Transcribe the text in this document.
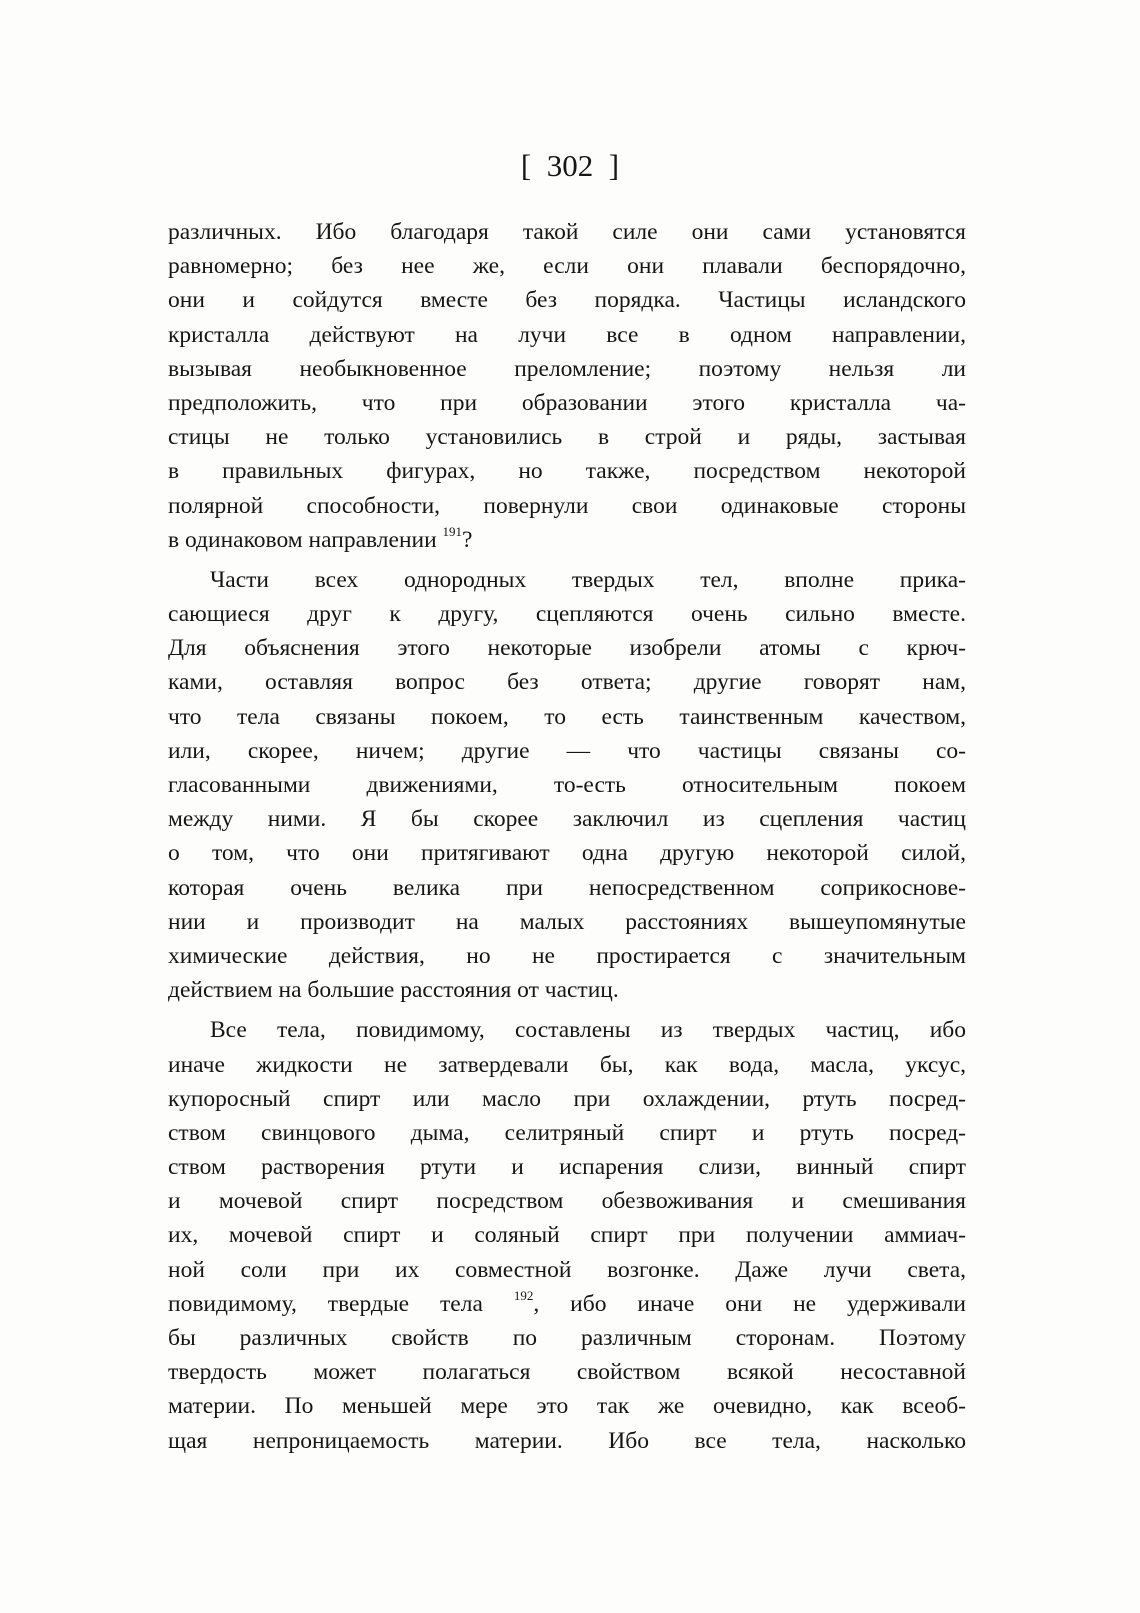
[  302  ]
различных. Ибо благодаря такой силе они сами установятся
равномерно; без нее же, если они плавали беспорядочно,
они и сойдутся вместе без порядка. Частицы исландского
кристалла действуют на лучи все в одном направлении,
вызывая необыкновенное преломление; поэтому нельзя ли
предположить, что при образовании этого кристалла ча-
стицы не только установились в строй и ряды, застывая
в правильных фигурах, но также, посредством некоторой
полярной способности, повернули свои одинаковые стороны
в одинаковом направлении $^{191}$?
Части всех однородных твердых тел, вполне прика-
сающиеся друг к другу, сцепляются очень сильно вместе.
Для объяснения этого некоторые изобрели атомы с крюч-
ками, оставляя вопрос без ответа; другие говорят нам,
что тела связаны покоем, то есть таинственным качеством,
или, скорее, ничем; другие — что частицы связаны со-
гласованными движениями, то-есть относительным покоем
между ними. Я бы скорее заключил из сцепления частиц
о том, что они притягивают одна другую некоторой силой,
которая очень велика при непосредственном соприкоснове-
нии и производит на малых расстояниях вышеупомянутые
химические действия, но не простирается с значительным
действием на большие расстояния от частиц.
Все тела, повидимому, составлены из твердых частиц, ибо
иначе жидкости не затвердевали бы, как вода, масла, уксус,
купоросный спирт или масло при охлаждении, ртуть посред-
ством свинцового дыма, селитряный спирт и ртуть посред-
ством растворения ртути и испарения слизи, винный спирт
и мочевой спирт посредством обезвоживания и смешивания
их, мочевой спирт и соляный спирт при получении аммиач-
ной соли при их совместной возгонке. Даже лучи света,
повидимому, твердые тела $^{192}$, ибо иначе они не удерживали
бы различных свойств по различным сторонам. Поэтому
твердость может полагаться свойством всякой несоставной
материи. По меньшей мере это так же очевидно, как всеоб-
щая непроницаемость материи. Ибо все тела, насколько
